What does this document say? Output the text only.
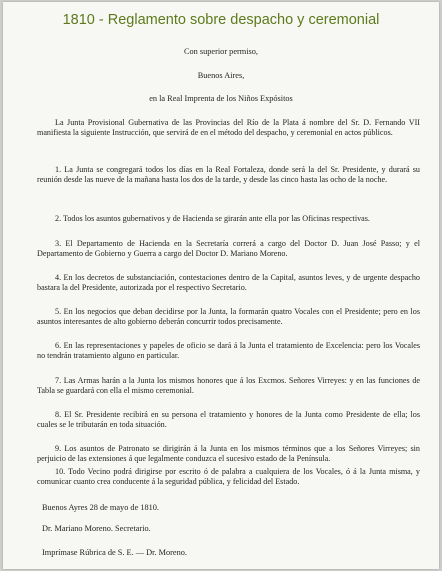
1810 - Reglamento sobre despacho y ceremonial
Con superior permiso,
Buenos Aires,
en la Real Imprenta de los Niños Expósitos
La Junta Provisional Gubernativa de las Provincias del Río de la Plata á nombre del Sr. D. Fernando VII manifiesta la siguiente Instrucción, que servirá de en el método del despacho, y ceremonial en actos públicos.
1. La Junta se congregará todos los días en la Real Fortaleza, donde será la del Sr. Presidente, y durará su reunión desde las nueve de la mañana hasta los dos de la tarde, y desde las cinco hasta las ocho de la noche.
2. Todos los asuntos gubernativos y de Hacienda se girarán ante ella por las Oficinas respectivas.
3. El Departamento de Hacienda en la Secretaría correrá a cargo del Doctor D. Juan José Passo; y el Departamento de Gobierno y Guerra a cargo del Doctor D. Mariano Moreno.
4. En los decretos de substanciación, contestaciones dentro de la Capital, asuntos leves, y de urgente despacho bastara la del Presidente, autorizada por el respectivo Secretario.
5. En los negocios que deban decidirse por la Junta, la formarán quatro Vocales con el Presidente; pero en los asuntos interesantes de alto gobierno deberán concurrir todos precisamente.
6. En las representaciones y papeles de oficio se dará á la Junta el tratamiento de Excelencia: pero los Vocales no tendrán tratamiento alguno en particular.
7. Las Armas harán a la Junta los mismos honores que á los Excmos. Señores Virreyes: y en las funciones de Tabla se guardará con ella el mismo ceremonial.
8. El Sr. Presidente recibirá en su persona el tratamiento y honores de la Junta como Presidente de ella; los cuales se le tributarán en toda situación.
9. Los asuntos de Patronato se dirigirán á la Junta en los mismos términos que a los Señores Virreyes; sin perjuicio de las extensiones á que legalmente conduzca el sucesivo estado de la Península.
10. Todo Vecino podrá dirigirse por escrito ó de palabra a cualquiera de los Vocales, ó á la Junta misma, y comunicar cuanto crea conducente á la seguridad pública, y felicidad del Estado.
Buenos Ayres 28 de mayo de 1810.
Dr. Mariano Moreno. Secretario.
Imprímase Rúbrica de S. E. — Dr. Moreno.
